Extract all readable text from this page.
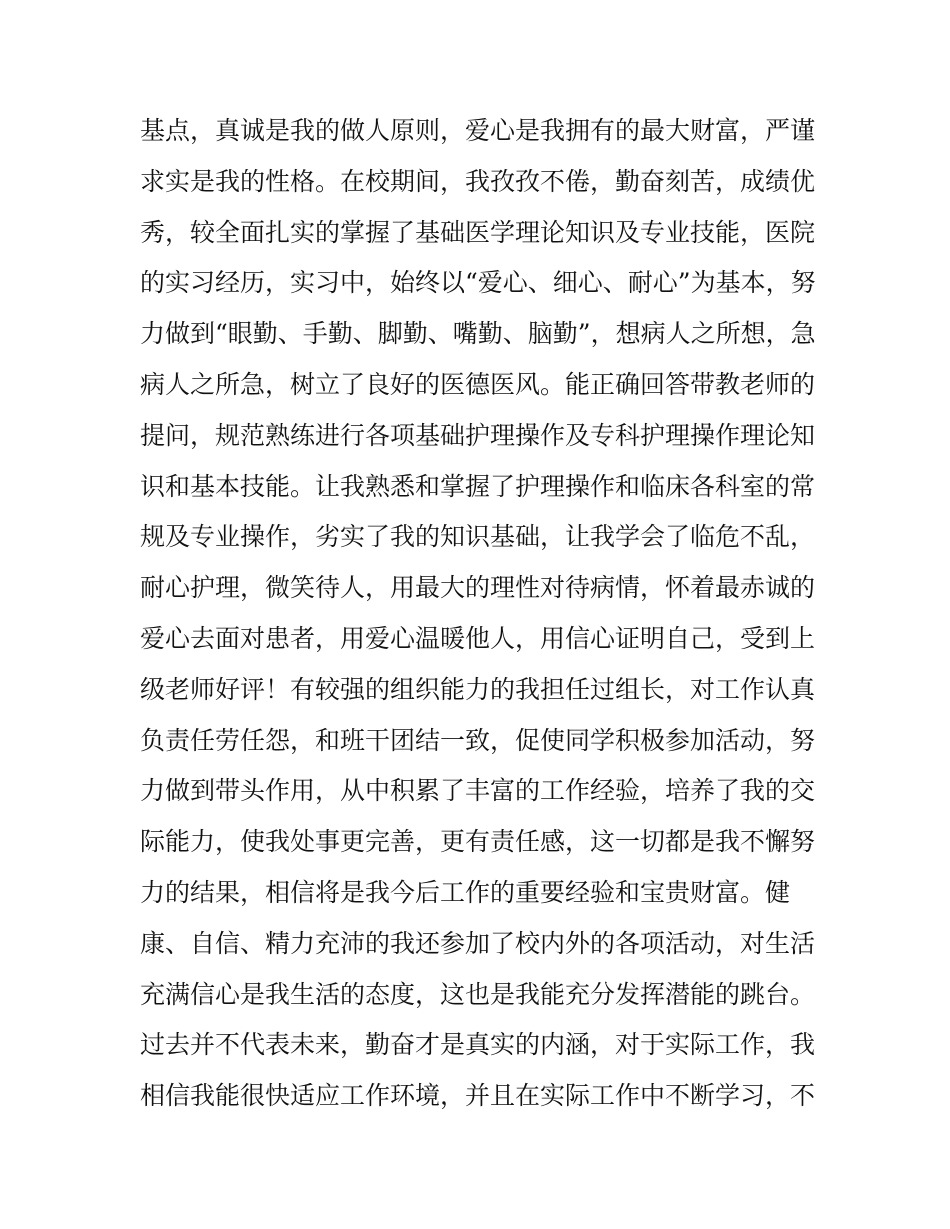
基点，真诚是我的做人原则，爱心是我拥有的最大财富，严谨
求实是我的性格。在校期间，我孜孜不倦，勤奋刻苦，成绩优
秀，较全面扎实的掌握了基础医学理论知识及专业技能，医院
的实习经历，实习中，始终以“爱心、细心、耐心”为基本，努
力做到“眼勤、手勤、脚勤、嘴勤、脑勤”，想病人之所想，急
病人之所急，树立了良好的医德医风。能正确回答带教老师的
提问，规范熟练进行各项基础护理操作及专科护理操作理论知
识和基本技能。让我熟悉和掌握了护理操作和临床各科室的常
规及专业操作，劣实了我的知识基础，让我学会了临危不乱，
耐心护理，微笑待人，用最大的理性对待病情，怀着最赤诚的
爱心去面对患者，用爱心温暖他人，用信心证明自己，受到上
级老师好评！有较强的组织能力的我担任过组长，对工作认真
负责任劳任怨，和班干团结一致，促使同学积极参加活动，努
力做到带头作用，从中积累了丰富的工作经验，培养了我的交
际能力，使我处事更完善，更有责任感，这一切都是我不懈努
力的结果，相信将是我今后工作的重要经验和宝贵财富。健
康、自信、精力充沛的我还参加了校内外的各项活动，对生活
充满信心是我生活的态度，这也是我能充分发挥潜能的跳台。
过去并不代表未来，勤奋才是真实的内涵，对于实际工作，我
相信我能很快适应工作环境，并且在实际工作中不断学习，不
